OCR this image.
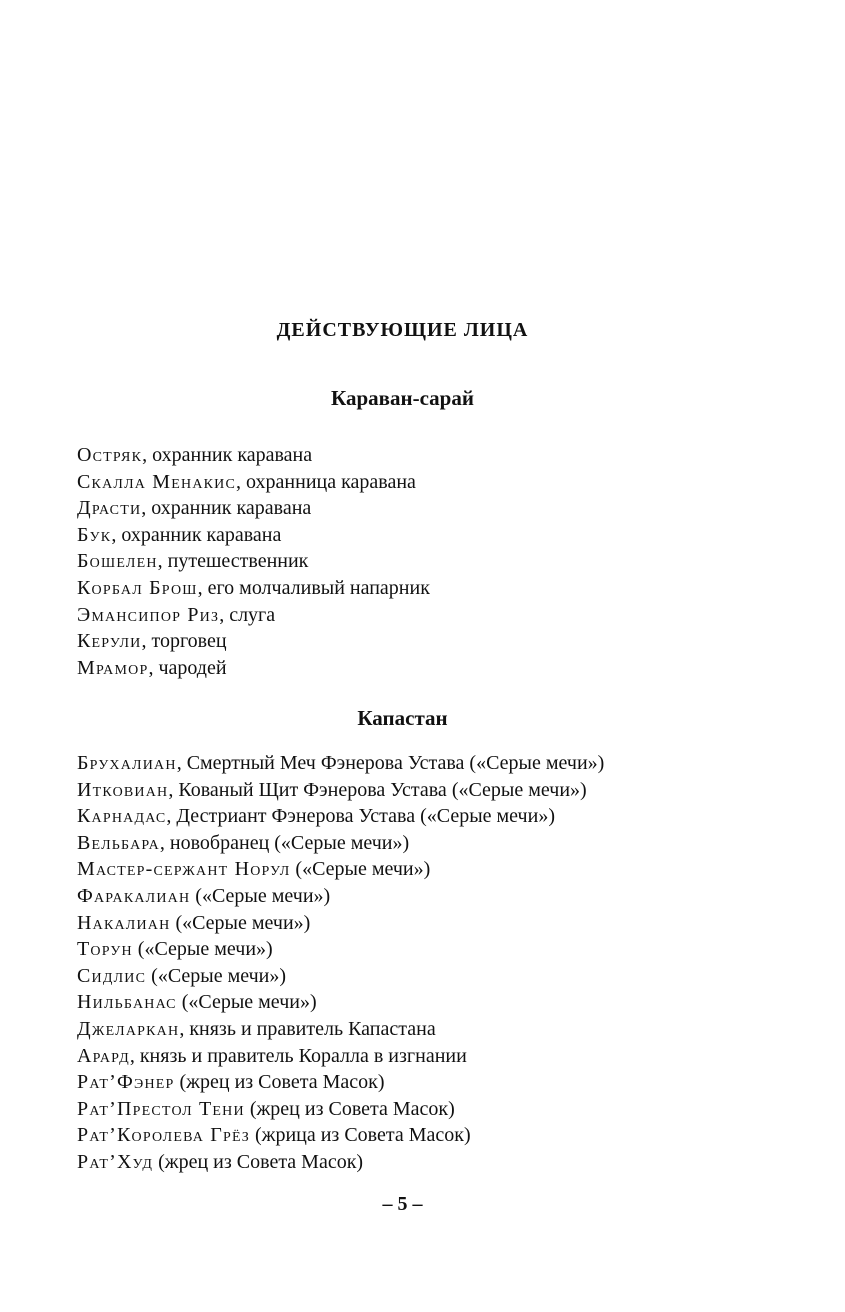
ДЕЙСТВУЮЩИЕ ЛИЦА
Караван-сарай
Остряк, охранник каравана
Скалла Менакис, охранница каравана
Драсти, охранник каравана
Бук, охранник каравана
Бошелен, путешественник
Корбал Брош, его молчаливый напарник
Эмансипор Риз, слуга
Керули, торговец
Мрамор, чародей
Капастан
Брухалиан, Смертный Меч Фэнерова Устава («Серые мечи»)
Итковиан, Кованый Щит Фэнерова Устава («Серые мечи»)
Карнадас, Дестриант Фэнерова Устава («Серые мечи»)
Вельбара, новобранец («Серые мечи»)
Мастер-сержант Норул («Серые мечи»)
Фаракалиан («Серые мечи»)
Накалиан («Серые мечи»)
Торун («Серые мечи»)
Сидлис («Серые мечи»)
Нильбанас («Серые мечи»)
Джеларкан, князь и правитель Капастана
Арард, князь и правитель Коралла в изгнании
Рат’Фэнер (жрец из Совета Масок)
Рат’Престол Тени (жрец из Совета Масок)
Рат’Королева Грёз (жрица из Совета Масок)
Рат’Худ (жрец из Совета Масок)
– 5 –
